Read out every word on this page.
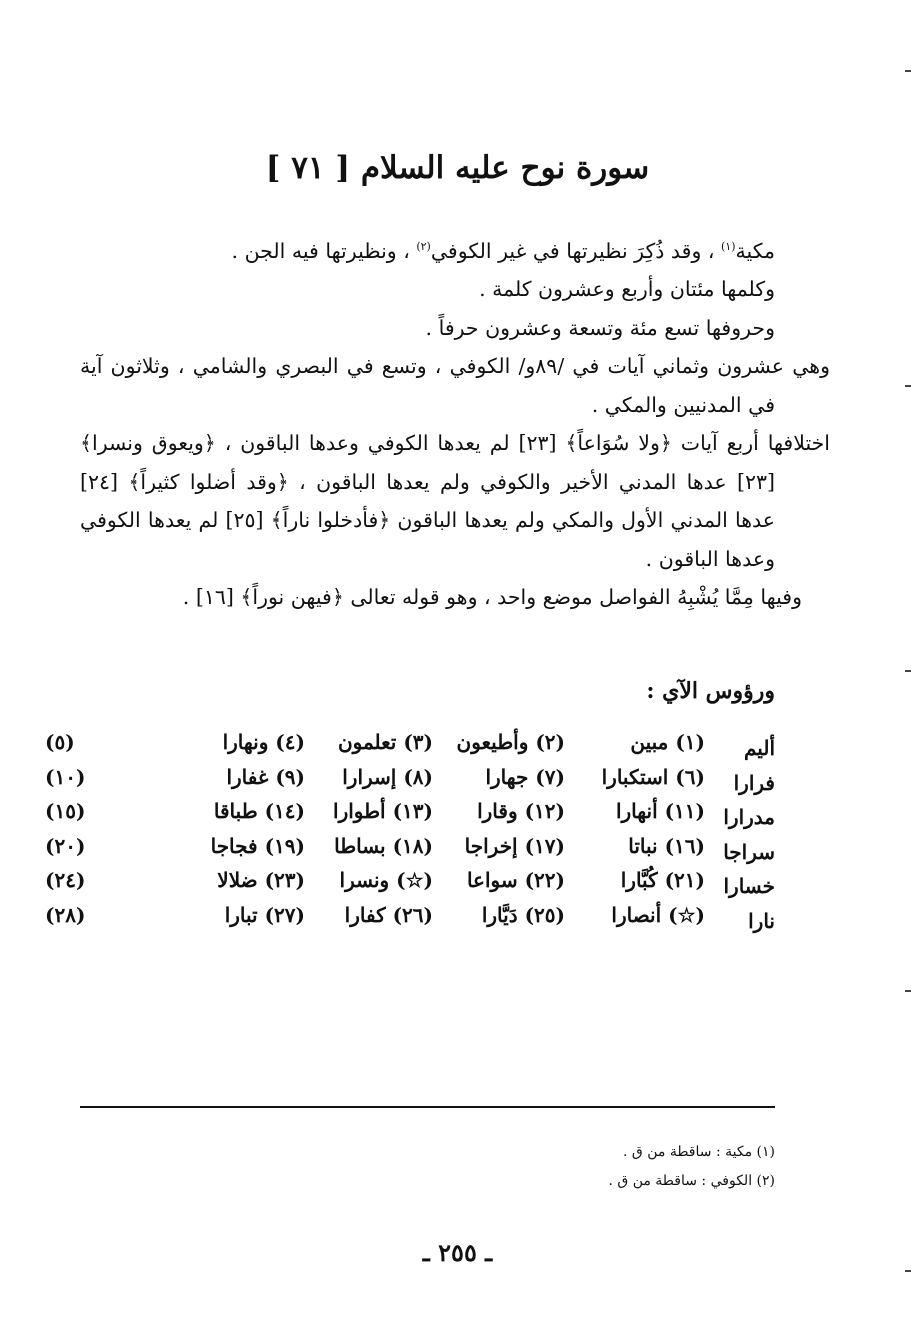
سورة نوح عليه السلام [ ٧١ ]

مكية$^{(١)}$ ، وقد ذُكِرَ نظيرتها في غير الكوفي$^{(٢)}$ ، ونظيرتها فيه الجن .

وكلمها مئتان وأربع وعشرون كلمة .

وحروفها تسع مئة وتسعة وعشرون حرفاً .

وهي عشرون وثماني آيات في /٨٩و/ الكوفي ، وتسع في البصري والشامي ، وثلاثون آية في المدنيين والمكي .

اختلافها أربع آيات ﴿ولا سُوَاعاً﴾ [٢٣] لم يعدها الكوفي وعدها الباقون ، ﴿ويعوق ونسرا﴾ [٢٣] عدها المدني الأخير والكوفي ولم يعدها الباقون ، ﴿وقد أضلوا كثيراً﴾ [٢٤] عدها المدني الأول والمكي ولم يعدها الباقون ﴿فأدخلوا ناراً﴾ [٢٥] لم يعدها الكوفي وعدها الباقون .

وفيها مِمَّا يُشْبِهُ الفواصل موضع واحد ، وهو قوله تعالى ﴿فيهن نوراً﴾ [١٦] .

ورؤوس الآي :
أليم
(١) مبين
(٢) وأطيعون
(٣) تعلمون
(٤) ونهارا
(٥)
فرارا
(٦) استكبارا
(٧) جهارا
(٨) إسرارا
(٩) غفارا
(١٠)
مدرارا
(١١) أنهارا
(١٢) وقارا
(١٣) أطوارا
(١٤) طباقا
(١٥)
سراجا
(١٦) نباتا
(١٧) إخراجا
(١٨) بساطا
(١٩) فجاجا
(٢٠)
خسارا
(٢١) كُبَّارا
(٢٢) سواعا
(☆) ونسرا
(٢٣) ضلالا
(٢٤)
نارا
(☆) أنصارا
(٢٥) دَيَّارا
(٢٦) كفارا
(٢٧) تبارا
(٢٨)
(١) مكية : ساقطة من ق .
(٢) الكوفي : ساقطة من ق .
ـ ٢٥٥ ـ
